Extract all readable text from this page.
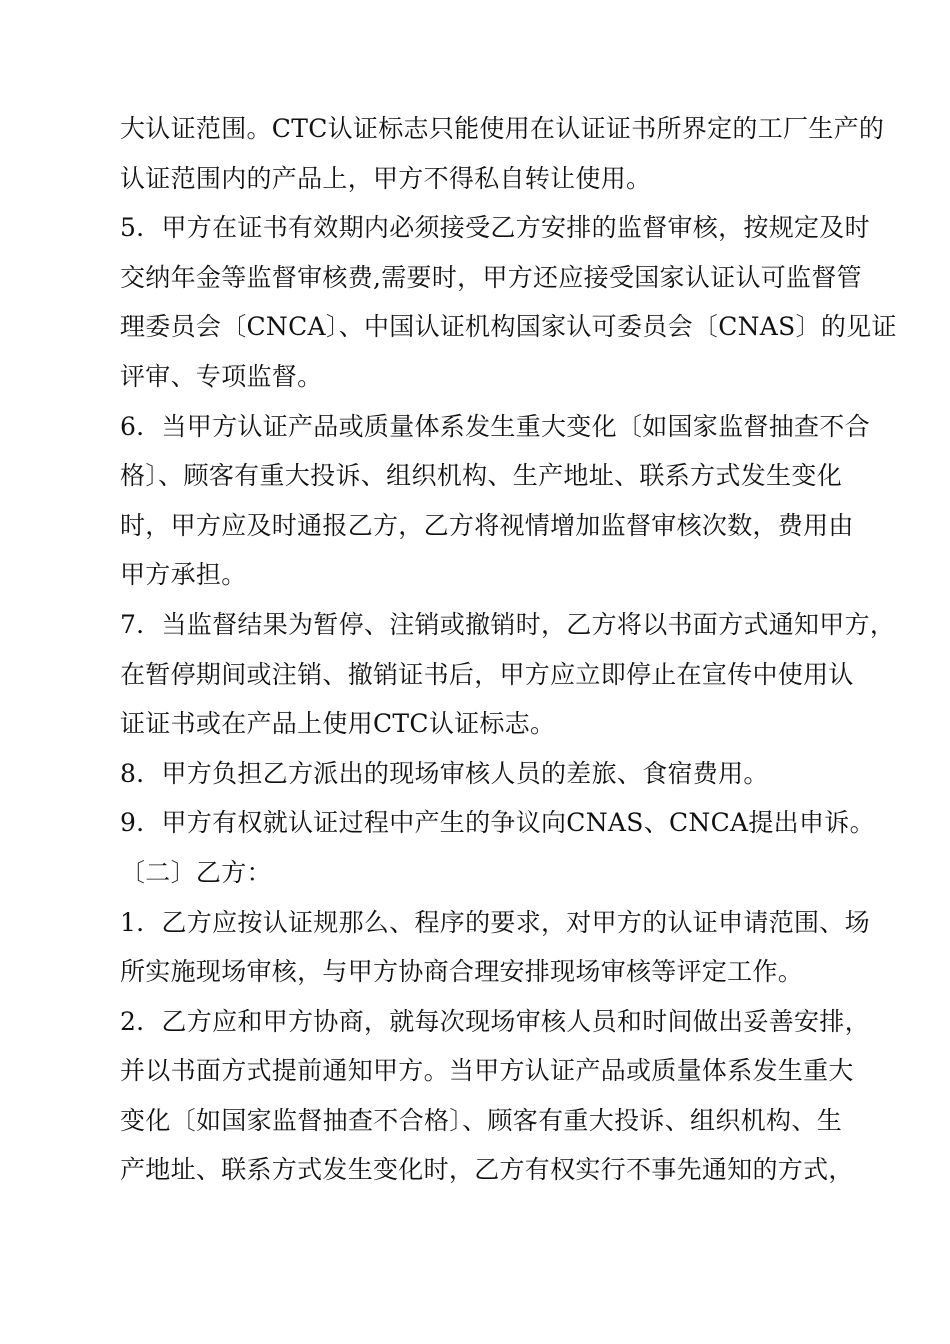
大认证范围。CTC认证标志只能使用在认证证书所界定的工厂生产的
认证范围内的产品上，甲方不得私自转让使用。
5．甲方在证书有效期内必须接受乙方安排的监督审核，按规定及时
交纳年金等监督审核费,需要时，甲方还应接受国家认证认可监督管
理委员会〔CNCA〕、中国认证机构国家认可委员会〔CNAS〕的见证
评审、专项监督。
6．当甲方认证产品或质量体系发生重大变化〔如国家监督抽查不合
格〕、顾客有重大投诉、组织机构、生产地址、联系方式发生变化
时，甲方应及时通报乙方，乙方将视情增加监督审核次数，费用由
甲方承担。
7．当监督结果为暂停、注销或撤销时，乙方将以书面方式通知甲方，
在暂停期间或注销、撤销证书后，甲方应立即停止在宣传中使用认
证证书或在产品上使用CTC认证标志。
8．甲方负担乙方派出的现场审核人员的差旅、食宿费用。
9．甲方有权就认证过程中产生的争议向CNAS、CNCA提出申诉。
〔二〕乙方：
1．乙方应按认证规那么、程序的要求，对甲方的认证申请范围、场
所实施现场审核，与甲方协商合理安排现场审核等评定工作。
2．乙方应和甲方协商，就每次现场审核人员和时间做出妥善安排，
并以书面方式提前通知甲方。当甲方认证产品或质量体系发生重大
变化〔如国家监督抽查不合格〕、顾客有重大投诉、组织机构、生
产地址、联系方式发生变化时，乙方有权实行不事先通知的方式，
